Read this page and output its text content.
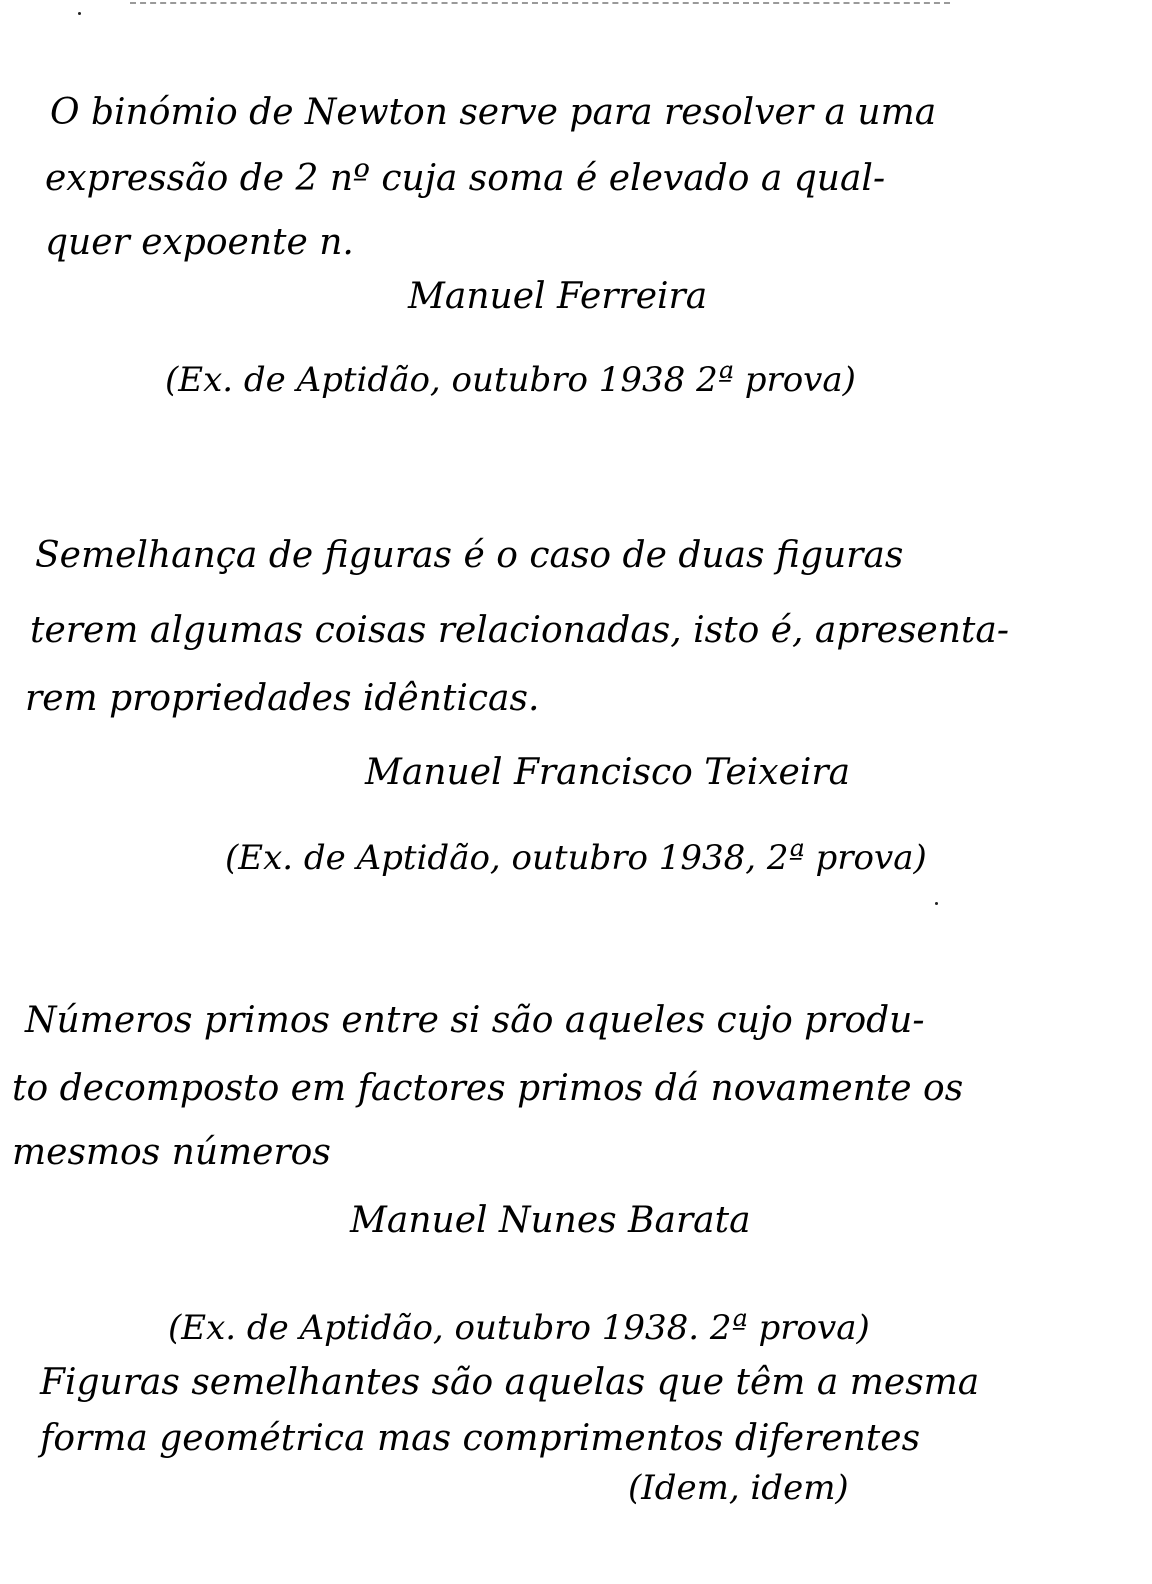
O binómio de Newton serve para resolver a uma
expressão de 2 nº cuja soma é elevado a qual-
quer expoente n.
Manuel Ferreira
(Ex. de Aptidão, outubro 1938 2ª prova)
Semelhança de figuras é o caso de duas figuras
terem algumas coisas relacionadas, isto é, apresenta-
rem propriedades idênticas.
Manuel Francisco Teixeira
(Ex. de Aptidão, outubro 1938, 2ª prova)
Números primos entre si são aqueles cujo produ-
to decomposto em factores primos dá novamente os
mesmos números
Manuel Nunes Barata
(Ex. de Aptidão, outubro 1938. 2ª prova)
Figuras semelhantes são aquelas que têm a mesma
forma geométrica mas comprimentos diferentes
(Idem, idem)
